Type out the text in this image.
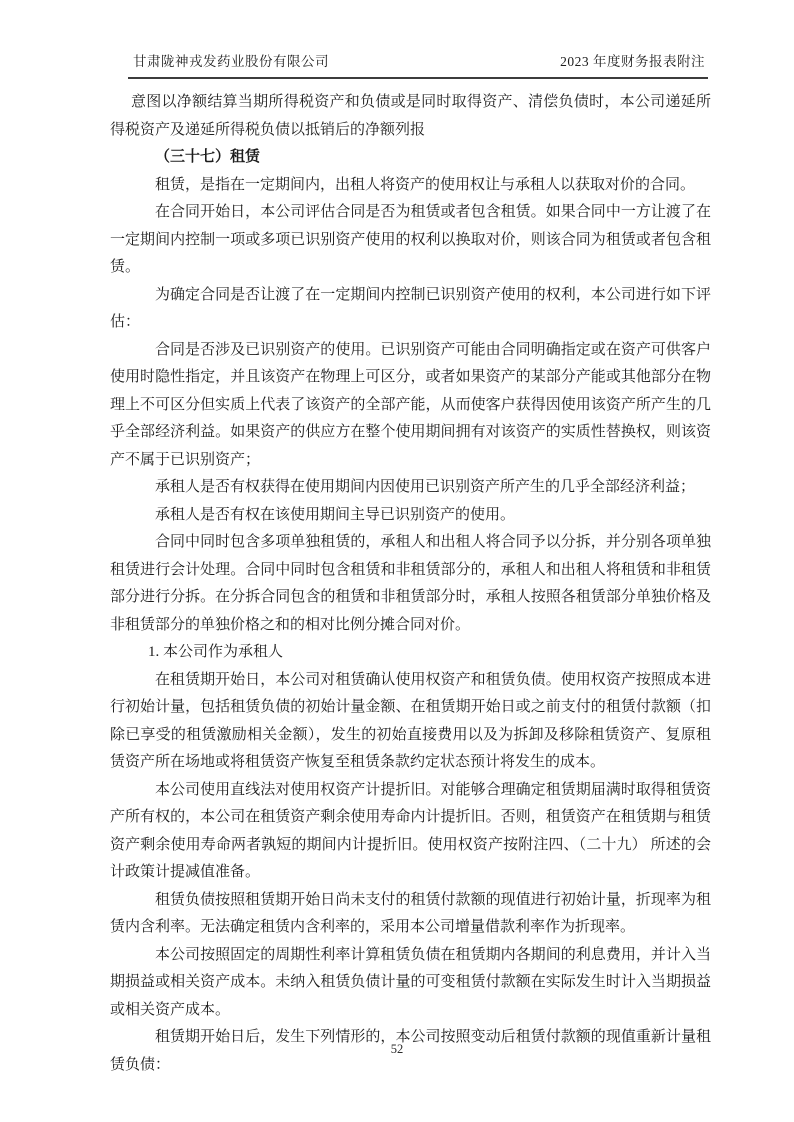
甘肃陇神戎发药业股份有限公司	2023 年度财务报表附注

意图以净额结算当期所得税资产和负债或是同时取得资产、清偿负债时，本公司递延所得税资产及递延所得税负债以抵销后的净额列报

（三十七）租赁

租赁，是指在一定期间内，出租人将资产的使用权让与承租人以获取对价的合同。

在合同开始日，本公司评估合同是否为租赁或者包含租赁。如果合同中一方让渡了在一定期间内控制一项或多项已识别资产使用的权利以换取对价，则该合同为租赁或者包含租赁。

为确定合同是否让渡了在一定期间内控制已识别资产使用的权利，本公司进行如下评估：

合同是否涉及已识别资产的使用。已识别资产可能由合同明确指定或在资产可供客户使用时隐性指定，并且该资产在物理上可区分，或者如果资产的某部分产能或其他部分在物理上不可区分但实质上代表了该资产的全部产能，从而使客户获得因使用该资产所产生的几乎全部经济利益。如果资产的供应方在整个使用期间拥有对该资产的实质性替换权，则该资产不属于已识别资产；

承租人是否有权获得在使用期间内因使用已识别资产所产生的几乎全部经济利益；

承租人是否有权在该使用期间主导已识别资产的使用。

合同中同时包含多项单独租赁的，承租人和出租人将合同予以分拆，并分别各项单独租赁进行会计处理。合同中同时包含租赁和非租赁部分的，承租人和出租人将租赁和非租赁部分进行分拆。在分拆合同包含的租赁和非租赁部分时，承租人按照各租赁部分单独价格及非租赁部分的单独价格之和的相对比例分摊合同对价。

1. 本公司作为承租人

在租赁期开始日，本公司对租赁确认使用权资产和租赁负债。使用权资产按照成本进行初始计量，包括租赁负债的初始计量金额、在租赁期开始日或之前支付的租赁付款额（扣除已享受的租赁激励相关金额），发生的初始直接费用以及为拆卸及移除租赁资产、复原租赁资产所在场地或将租赁资产恢复至租赁条款约定状态预计将发生的成本。

本公司使用直线法对使用权资产计提折旧。对能够合理确定租赁期届满时取得租赁资产所有权的，本公司在租赁资产剩余使用寿命内计提折旧。否则，租赁资产在租赁期与租赁资产剩余使用寿命两者孰短的期间内计提折旧。使用权资产按附注四、（二十九） 所述的会计政策计提减值准备。

租赁负债按照租赁期开始日尚未支付的租赁付款额的现值进行初始计量，折现率为租赁内含利率。无法确定租赁内含利率的，采用本公司增量借款利率作为折现率。

本公司按照固定的周期性利率计算租赁负债在租赁期内各期间的利息费用，并计入当期损益或相关资产成本。未纳入租赁负债计量的可变租赁付款额在实际发生时计入当期损益或相关资产成本。

租赁期开始日后，发生下列情形的，本公司按照变动后租赁付款额的现值重新计量租赁负债：

52
